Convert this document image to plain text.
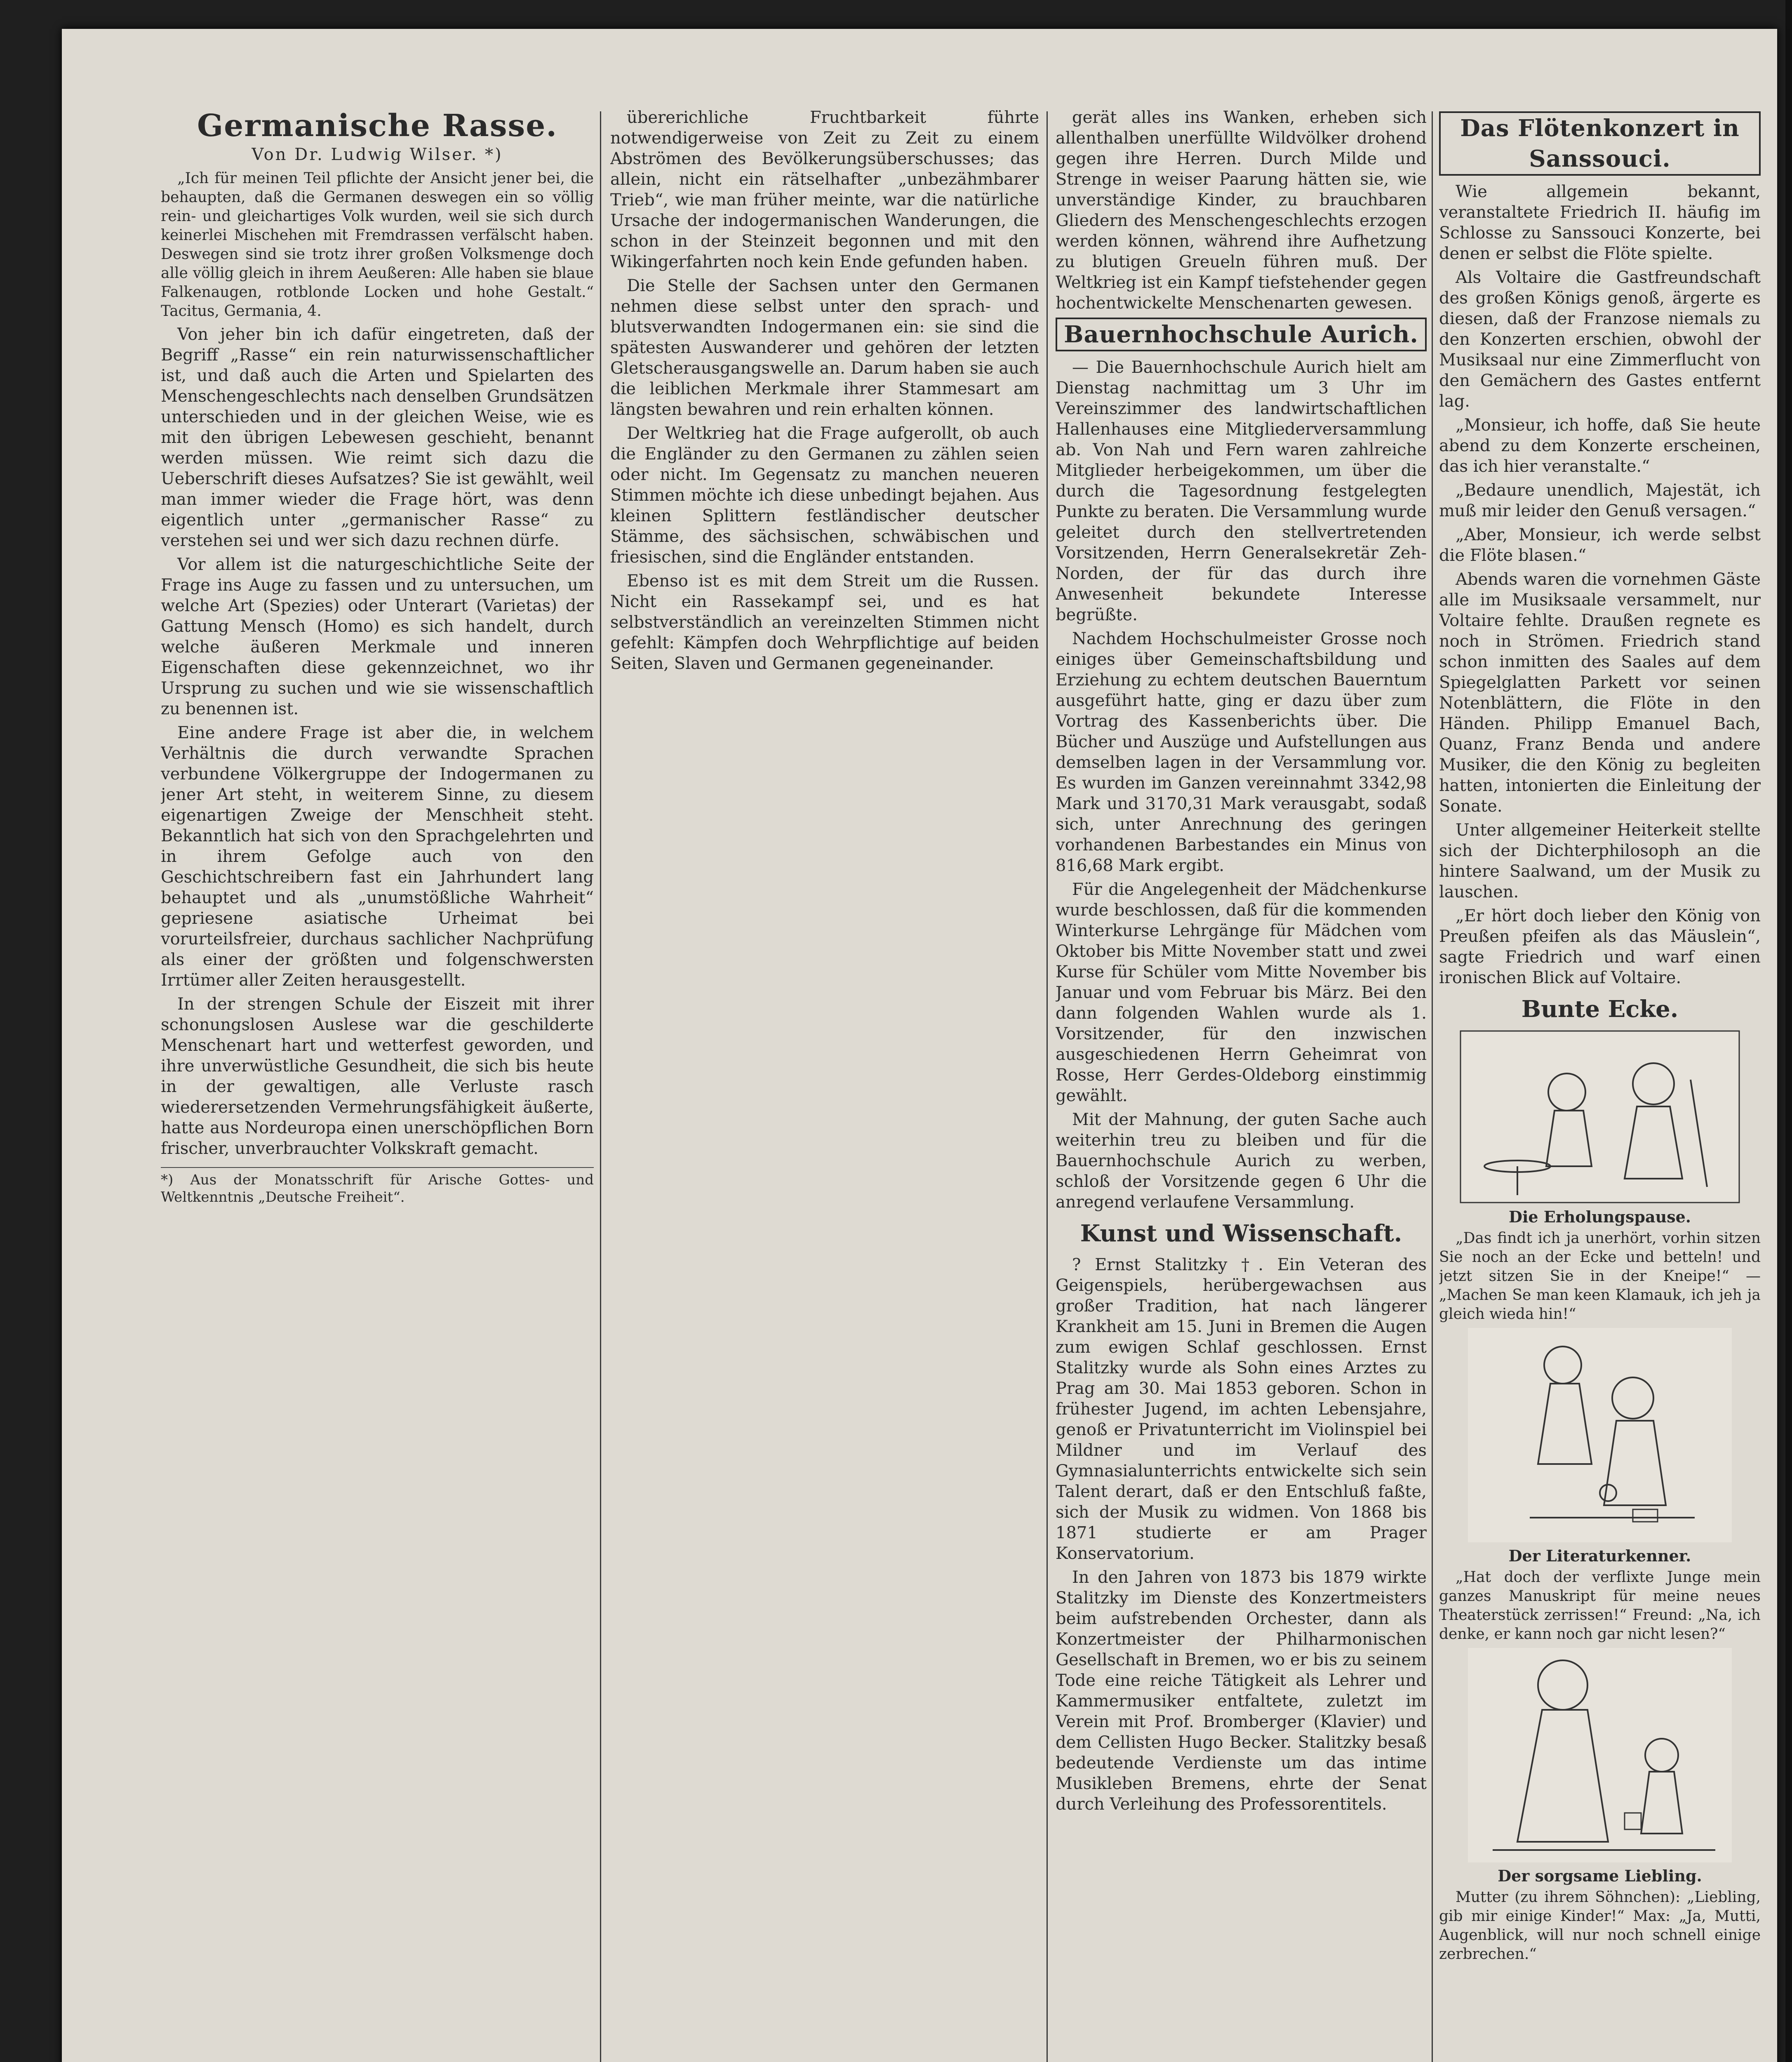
Germanische Rasse.
Von Dr. Ludwig Wilser. *)

„Ich für meinen Teil pflichte der Ansicht jener bei, die behaupten, daß die Germanen deswegen ein so völlig rein- und gleichartiges Volk wurden, weil sie sich durch keinerlei Mischehen mit Fremdrassen verfälscht haben. Deswegen sind sie trotz ihrer großen Volksmenge doch alle völlig gleich in ihrem Aeußeren: Alle haben sie blaue Falkenaugen, rotblonde Locken und hohe Gestalt.“ Tacitus, Germania, 4.

Von jeher bin ich dafür eingetreten, daß der Begriff „Rasse“ ein rein naturwissenschaftlicher ist, und daß auch die Arten und Spielarten des Menschengeschlechts nach denselben Grundsätzen unterschieden und in der gleichen Weise, wie es mit den übrigen Lebewesen geschieht, benannt werden müssen. Wie reimt sich dazu die Ueberschrift dieses Aufsatzes? Sie ist gewählt, weil man immer wieder die Frage hört, was denn eigentlich unter „germanischer Rasse“ zu verstehen sei und wer sich dazu rechnen dürfe.

Vor allem ist die naturgeschichtliche Seite der Frage ins Auge zu fassen und zu untersuchen, um welche Art (Spezies) oder Unterart (Varietas) der Gattung Mensch (Homo) es sich handelt, durch welche äußeren Merkmale und inneren Eigenschaften diese gekennzeichnet, wo ihr Ursprung zu suchen und wie sie wissenschaftlich zu benennen ist.

Eine andere Frage ist aber die, in welchem Verhältnis die durch verwandte Sprachen verbundene Völkergruppe der Indogermanen zu jener Art steht, in weiterem Sinne, zu diesem eigenartigen Zweige der Menschheit steht. Bekanntlich hat sich von den Sprachgelehrten und in ihrem Gefolge auch von den Geschichtschreibern fast ein Jahrhundert lang behauptet und als „unumstößliche Wahrheit“ gepriesene asiatische Urheimat bei vorurteilsfreier, durchaus sachlicher Nachprüfung als einer der größten und folgenschwersten Irrtümer aller Zeiten herausgestellt.

In der strengen Schule der Eiszeit mit ihrer schonungslosen Auslese war die geschilderte Menschenart hart und wetterfest geworden, und ihre unverwüstliche Gesundheit, die sich bis heute in der gewaltigen, alle Verluste rasch wiederersetzenden Vermehrungsfähigkeit äußerte, hatte aus Nordeuropa einen unerschöpflichen Born frischer, unverbrauchter Volkskraft gemacht.

*) Aus der Monatsschrift für Arische Gottes- und Weltkenntnis „Deutsche Freiheit“.

übererichliche Fruchtbarkeit führte notwendigerweise von Zeit zu Zeit zu einem Abströmen des Bevölkerungsüberschusses; das allein, nicht ein rätselhafter „unbezähmbarer Trieb“, wie man früher meinte, war die natürliche Ursache der indogermanischen Wanderungen, die schon in der Steinzeit begonnen und mit den Wikingerfahrten noch kein Ende gefunden haben.

Die Stelle der Sachsen unter den Germanen nehmen diese selbst unter den sprach- und blutsverwandten Indogermanen ein: sie sind die spätesten Auswanderer und gehören der letzten Gletscherausgangswelle an. Darum haben sie auch die leiblichen Merkmale ihrer Stammesart am längsten bewahren und rein erhalten können.

Der Weltkrieg hat die Frage aufgerollt, ob auch die Engländer zu den Germanen zu zählen seien oder nicht. Im Gegensatz zu manchen neueren Stimmen möchte ich diese unbedingt bejahen. Aus kleinen Splittern festländischer deutscher Stämme, des sächsischen, schwäbischen und friesischen, sind die Engländer entstanden.

Ebenso ist es mit dem Streit um die Russen. Nicht ein Rassekampf sei, und es hat selbstverständlich an vereinzelten Stimmen nicht gefehlt: Kämpfen doch Wehrpflichtige auf beiden Seiten, Slaven und Germanen gegeneinander.

gerät alles ins Wanken, erheben sich allenthalben unerfüllte Wildvölker drohend gegen ihre Herren. Durch Milde und Strenge in weiser Paarung hätten sie, wie unverständige Kinder, zu brauchbaren Gliedern des Menschengeschlechts erzogen werden können, während ihre Aufhetzung zu blutigen Greueln führen muß. Der Weltkrieg ist ein Kampf tiefstehender gegen hochentwickelte Menschenarten gewesen.

Bauernhochschule Aurich.

— Die Bauernhochschule Aurich hielt am Dienstag nachmittag um 3 Uhr im Vereinszimmer des landwirtschaftlichen Hallenhauses eine Mitgliederversammlung ab. Von Nah und Fern waren zahlreiche Mitglieder herbeigekommen, um über die durch die Tagesordnung festgelegten Punkte zu beraten. Die Versammlung wurde geleitet durch den stellvertretenden Vorsitzenden, Herrn Generalsekretär Zeh-Norden, der für das durch ihre Anwesenheit bekundete Interesse begrüßte.

Nachdem Hochschulmeister Grosse noch einiges über Gemeinschaftsbildung und Erziehung zu echtem deutschen Bauerntum ausgeführt hatte, ging er dazu über zum Vortrag des Kassenberichts über. Die Bücher und Auszüge und Aufstellungen aus demselben lagen in der Versammlung vor. Es wurden im Ganzen vereinnahmt 3342,98 Mark und 3170,31 Mark verausgabt, sodaß sich, unter Anrechnung des geringen vorhandenen Barbestandes ein Minus von 816,68 Mark ergibt.

Für die Angelegenheit der Mädchenkurse wurde beschlossen, daß für die kommenden Winterkurse Lehrgänge für Mädchen vom Oktober bis Mitte November statt und zwei Kurse für Schüler vom Mitte November bis Januar und vom Februar bis März. Bei den dann folgenden Wahlen wurde als 1. Vorsitzender, für den inzwischen ausgeschiedenen Herrn Geheimrat von Rosse, Herr Gerdes-Oldeborg einstimmig gewählt.

Mit der Mahnung, der guten Sache auch weiterhin treu zu bleiben und für die Bauernhochschule Aurich zu werben, schloß der Vorsitzende gegen 6 Uhr die anregend verlaufene Versammlung.

Kunst und Wissenschaft.

? Ernst Stalitzky †. Ein Veteran des Geigenspiels, herübergewachsen aus großer Tradition, hat nach längerer Krankheit am 15. Juni in Bremen die Augen zum ewigen Schlaf geschlossen. Ernst Stalitzky wurde als Sohn eines Arztes zu Prag am 30. Mai 1853 geboren. Schon in frühester Jugend, im achten Lebensjahre, genoß er Privatunterricht im Violinspiel bei Mildner und im Verlauf des Gymnasialunterrichts entwickelte sich sein Talent derart, daß er den Entschluß faßte, sich der Musik zu widmen. Von 1868 bis 1871 studierte er am Prager Konservatorium.

In den Jahren von 1873 bis 1879 wirkte Stalitzky im Dienste des Konzertmeisters beim aufstrebenden Orchester, dann als Konzertmeister der Philharmonischen Gesellschaft in Bremen, wo er bis zu seinem Tode eine reiche Tätigkeit als Lehrer und Kammermusiker entfaltete, zuletzt im Verein mit Prof. Bromberger (Klavier) und dem Cellisten Hugo Becker. Stalitzky besaß bedeutende Verdienste um das intime Musikleben Bremens, ehrte der Senat durch Verleihung des Professorentitels.

Das Flötenkonzert in Sanssouci.

Wie allgemein bekannt, veranstaltete Friedrich II. häufig im Schlosse zu Sanssouci Konzerte, bei denen er selbst die Flöte spielte.

Als Voltaire die Gastfreundschaft des großen Königs genoß, ärgerte es diesen, daß der Franzose niemals zu den Konzerten erschien, obwohl der Musiksaal nur eine Zimmerflucht von den Gemächern des Gastes entfernt lag.

„Monsieur, ich hoffe, daß Sie heute abend zu dem Konzerte erscheinen, das ich hier veranstalte.“

„Bedaure unendlich, Majestät, ich muß mir leider den Genuß versagen.“

„Aber, Monsieur, ich werde selbst die Flöte blasen.“

Abends waren die vornehmen Gäste alle im Musiksaale versammelt, nur Voltaire fehlte. Draußen regnete es noch in Strömen. Friedrich stand schon inmitten des Saales auf dem Spiegelglatten Parkett vor seinen Notenblättern, die Flöte in den Händen. Philipp Emanuel Bach, Quanz, Franz Benda und andere Musiker, die den König zu begleiten hatten, intonierten die Einleitung der Sonate.

Unter allgemeiner Heiterkeit stellte sich der Dichterphilosoph an die hintere Saalwand, um der Musik zu lauschen.

„Er hört doch lieber den König von Preußen pfeifen als das Mäuslein“, sagte Friedrich und warf einen ironischen Blick auf Voltaire.

Bunte Ecke.
Die Erholungspause.

„Das findt ich ja unerhört, vorhin sitzen Sie noch an der Ecke und betteln! und jetzt sitzen Sie in der Kneipe!“ — „Machen Se man keen Klamauk, ich jeh ja gleich wieda hin!“

Der Literaturkenner.

„Hat doch der verflixte Junge mein ganzes Manuskript für meine neues Theaterstück zerrissen!“ Freund: „Na, ich denke, er kann noch gar nicht lesen?“

Der sorgsame Liebling.

Mutter (zu ihrem Söhnchen): „Liebling, gib mir einige Kinder!“ Max: „Ja, Mutti, Augenblick, will nur noch schnell einige zerbrechen.“
